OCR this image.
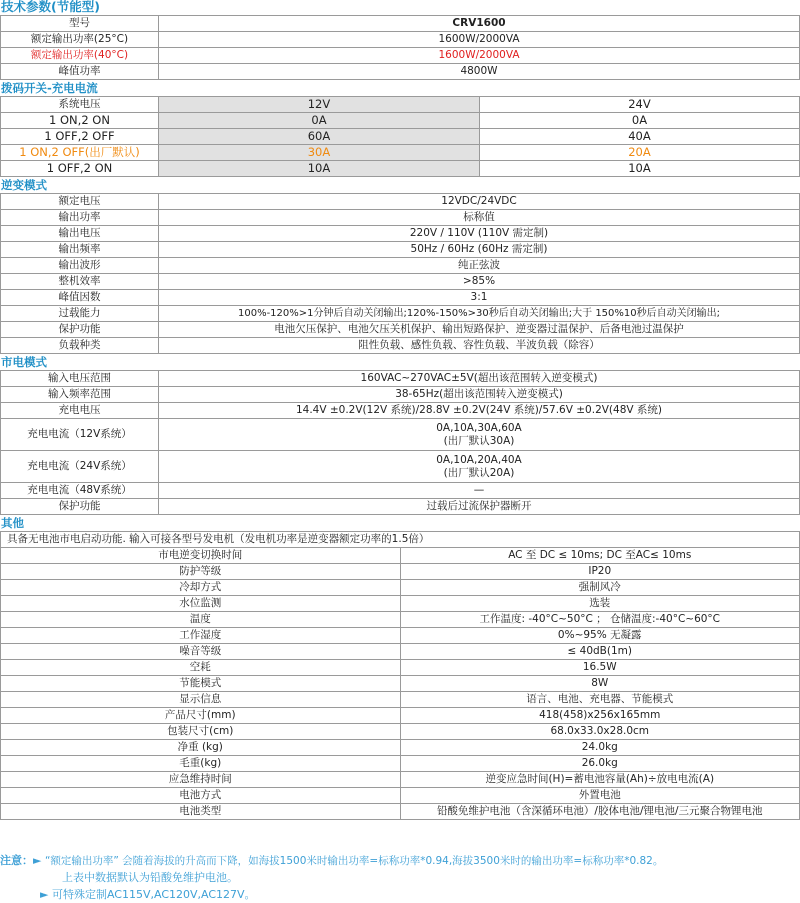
技术参数(节能型)
型号	CRV1600
额定输出功率(25°C)	1600W/2000VA
额定输出功率(40°C)	1600W/2000VA
峰值功率	4800W
拨码开关-充电电流
系统电压	12V	24V
1 ON,2 ON	0A	0A
1 OFF,2 OFF	60A	40A
1 ON,2 OFF(出厂默认)	30A	20A
1 OFF,2 ON	10A	10A
逆变模式
额定电压	12VDC/24VDC
输出功率	标称值
输出电压	220V / 110V (110V 需定制)
输出频率	50Hz / 60Hz (60Hz 需定制)
输出波形	纯正弦波
整机效率	>85%
峰值因数	3:1
过载能力	100%-120%>1分钟后自动关闭输出;120%-150%>30秒后自动关闭输出;大于 150%10秒后自动关闭输出;
保护功能	电池欠压保护、电池欠压关机保护、输出短路保护、逆变器过温保护、后备电池过温保护
负载种类	阻性负载、感性负载、容性负载、半波负载（除容）
市电模式
输入电压范围	160VAC~270VAC±5V(超出该范围转入逆变模式)
输入频率范围	38-65Hz(超出该范围转入逆变模式)
充电电压	14.4V ±0.2V(12V 系统)/28.8V ±0.2V(24V 系统)/57.6V ±0.2V(48V 系统)
充电电流（12V系统）	0A,10A,30A,60A
(出厂默认30A)

充电电流（24V系统）	0A,10A,20A,40A
(出厂默认20A)

充电电流（48V系统）	—
保护功能	过载后过流保护器断开
其他
具备无电池市电启动功能. 输入可接各型号发电机（发电机功率是逆变器额定功率的1.5倍）	
市电逆变切换时间	AC 至 DC ≤ 10ms; DC 至AC≤ 10ms
防护等级	IP20
冷却方式	强制风冷
水位监测	选装
温度	工作温度: -40°C~50°C ； 仓储温度:-40°C~60°C
工作湿度	0%~95% 无凝露
噪音等级	≤ 40dB(1m)
空耗	16.5W
节能模式	8W
显示信息	语言、电池、充电器、节能模式
产品尺寸(mm)	418(458)x256x165mm
包装尺寸(cm)	68.0x33.0x28.0cm
净重 (kg)	24.0kg
毛重(kg)	26.0kg
应急维持时间	逆变应急时间(H)=蓄电池容量(Ah)÷放电电流(A)
电池方式	外置电池
电池类型	铅酸免维护电池（含深循环电池）/胶体电池/锂电池/三元聚合物锂电池
注意：► “额定输出功率” 会随着海拔的升高而下降，如海拔1500米时输出功率=标称功率*0.94,海拔3500米时的输出功率=标称功率*0.82。
上表中数据默认为铅酸免维护电池。
► 可特殊定制AC115V,AC120V,AC127V。
